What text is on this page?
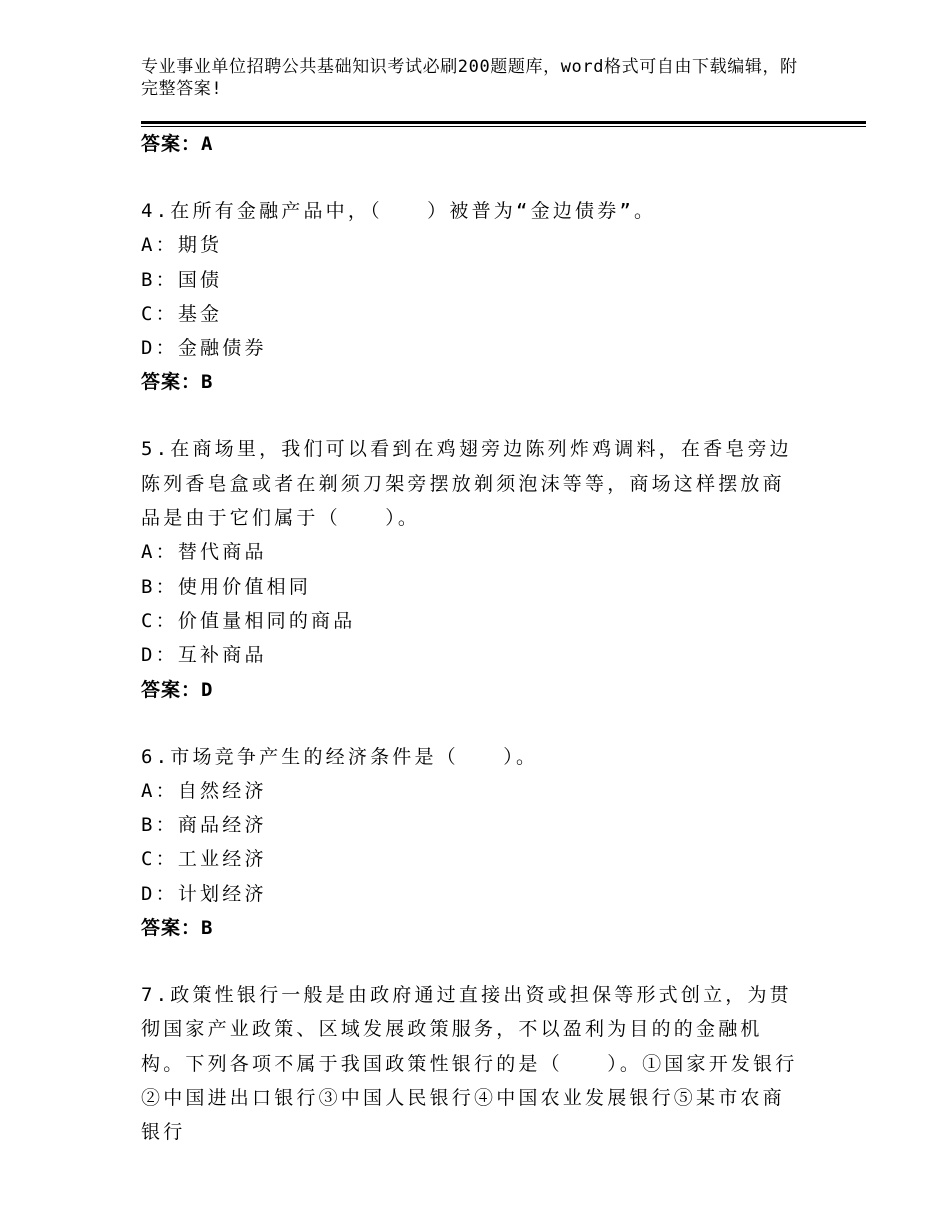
专业事业单位招聘公共基础知识考试必刷200题题库，word格式可自由下载编辑，附完整答案!
答案：A
4.在所有金融产品中，（　　）被普为“金边债券”。
A：期货
B：国债
C：基金
D：金融债券
答案：B
5.在商场里，我们可以看到在鸡翅旁边陈列炸鸡调料，在香皂旁边陈列香皂盒或者在剃须刀架旁摆放剃须泡沫等等，商场这样摆放商品是由于它们属于（　　）。
A：替代商品
B：使用价值相同
C：价值量相同的商品
D：互补商品
答案：D
6.市场竞争产生的经济条件是（　　）。
A：自然经济
B：商品经济
C：工业经济
D：计划经济
答案：B
7.政策性银行一般是由政府通过直接出资或担保等形式创立，为贯彻国家产业政策、区域发展政策服务，不以盈利为目的的金融机构。下列各项不属于我国政策性银行的是（　　）。①国家开发银行②中国进出口银行③中国人民银行④中国农业发展银行⑤某市农商银行
